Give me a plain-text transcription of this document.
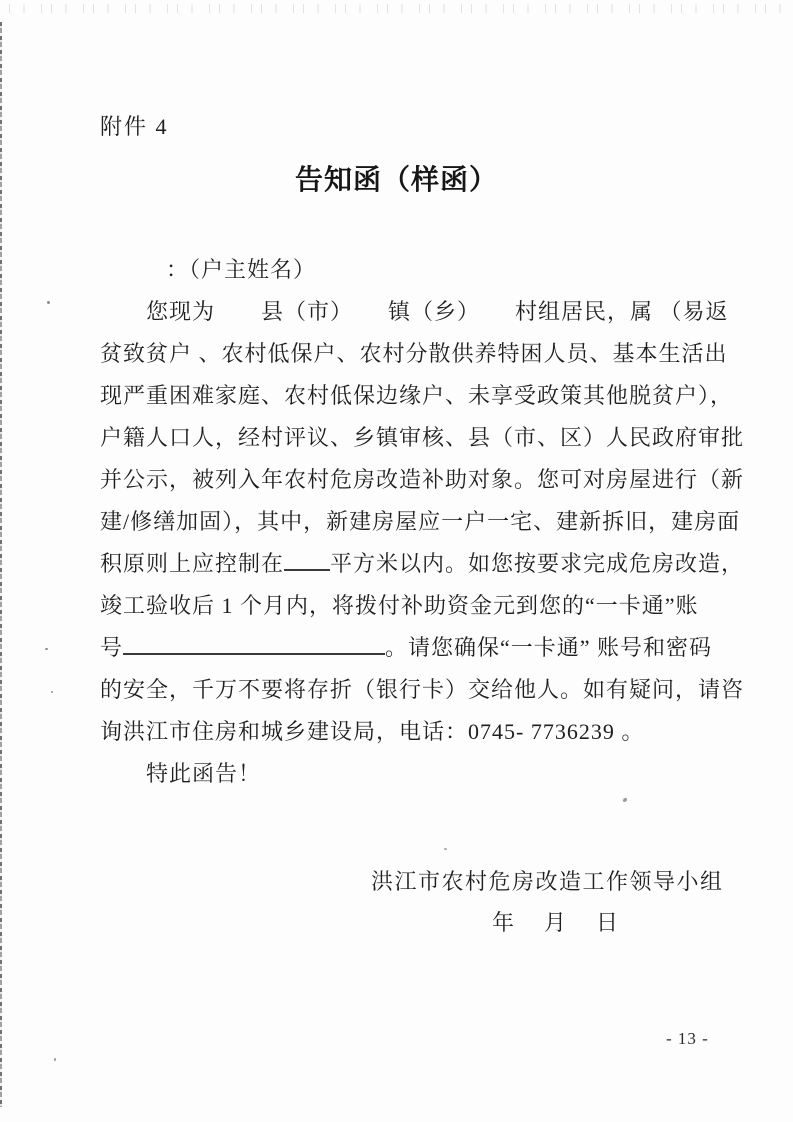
附件 4
告知函（样函）
：（户主姓名）
您现为　　县（市）　　镇（乡）　　村组居民，属 （易返
贫致贫户 、农村低保户、农村分散供养特困人员、基本生活出
现严重困难家庭、农村低保边缘户、未享受政策其他脱贫户），
户籍人口人，经村评议、乡镇审核、县（市、区）人民政府审批
并公示，被列入年农村危房改造补助对象。您可对房屋进行（新
建/修缮加固），其中，新建房屋应一户一宅、建新拆旧，建房面
积原则上应控制在 平方米以内。如您按要求完成危房改造，
竣工验收后 1 个月内，将拨付补助资金元到您的“一卡通”账
号	。请您确保“一卡通” 账号和密码
的安全，千万不要将存折（银行卡）交给他人。如有疑问，请咨
询洪江市住房和城乡建设局，电话：0745- 7736239 。
特此函告！
洪江市农村危房改造工作领导小组
年　月　日
- 13 -
